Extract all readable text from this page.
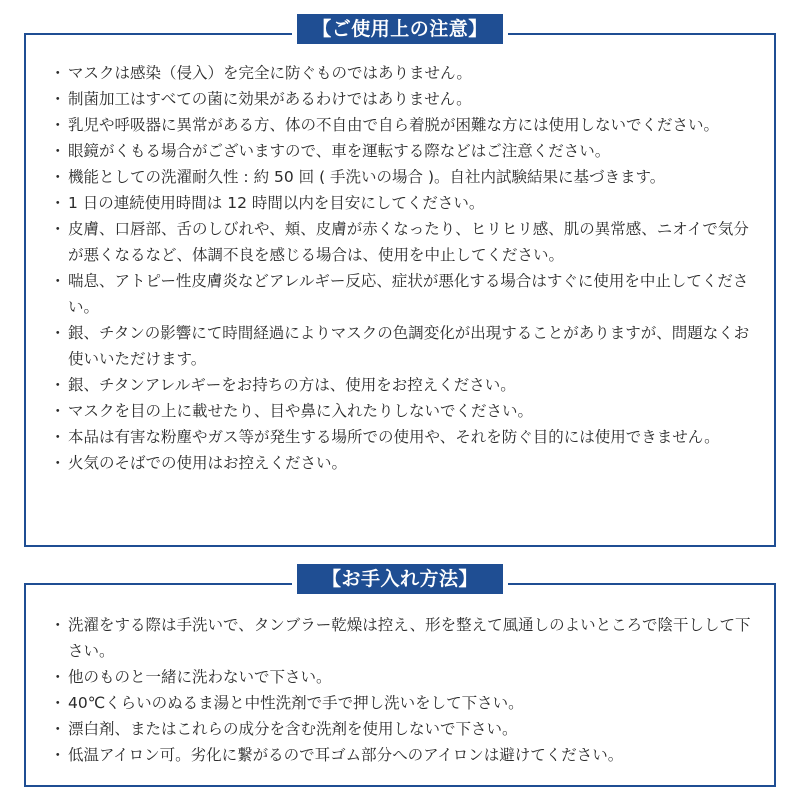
【ご使用上の注意】
・ マスクは感染（侵入）を完全に防ぐものではありません。
・ 制菌加工はすべての菌に効果があるわけではありません。
・ 乳児や呼吸器に異常がある方、体の不自由で自ら着脱が困難な方には使用しないでください。
・ 眼鏡がくもる場合がございますので、車を運転する際などはご注意ください。
・ 機能としての洗濯耐久性 : 約 50 回 ( 手洗いの場合 )。自社内試験結果に基づきます。
・ 1 日の連続使用時間は 12 時間以内を目安にしてください。
・ 皮膚、口唇部、舌のしびれや、頬、皮膚が赤くなったり、ヒリヒリ感、肌の異常感、ニオイで気分が悪くなるなど、体調不良を感じる場合は、使用を中止してください。
・ 喘息、アトピー性皮膚炎などアレルギー反応、症状が悪化する場合はすぐに使用を中止してください。
・ 銀、チタンの影響にて時間経過によりマスクの色調変化が出現することがありますが、問題なくお使いいただけます。
・ 銀、チタンアレルギーをお持ちの方は、使用をお控えください。
・ マスクを目の上に載せたり、目や鼻に入れたりしないでください。
・ 本品は有害な粉塵やガス等が発生する場所での使用や、それを防ぐ目的には使用できません。
・ 火気のそばでの使用はお控えください。
【お手入れ方法】
・ 洗濯をする際は手洗いで、タンブラー乾燥は控え、形を整えて風通しのよいところで陰干しして下さい。
・ 他のものと一緒に洗わないで下さい。
・ 40℃くらいのぬるま湯と中性洗剤で手で押し洗いをして下さい。
・ 漂白剤、またはこれらの成分を含む洗剤を使用しないで下さい。
・ 低温アイロン可。劣化に繋がるので耳ゴム部分へのアイロンは避けてください。
